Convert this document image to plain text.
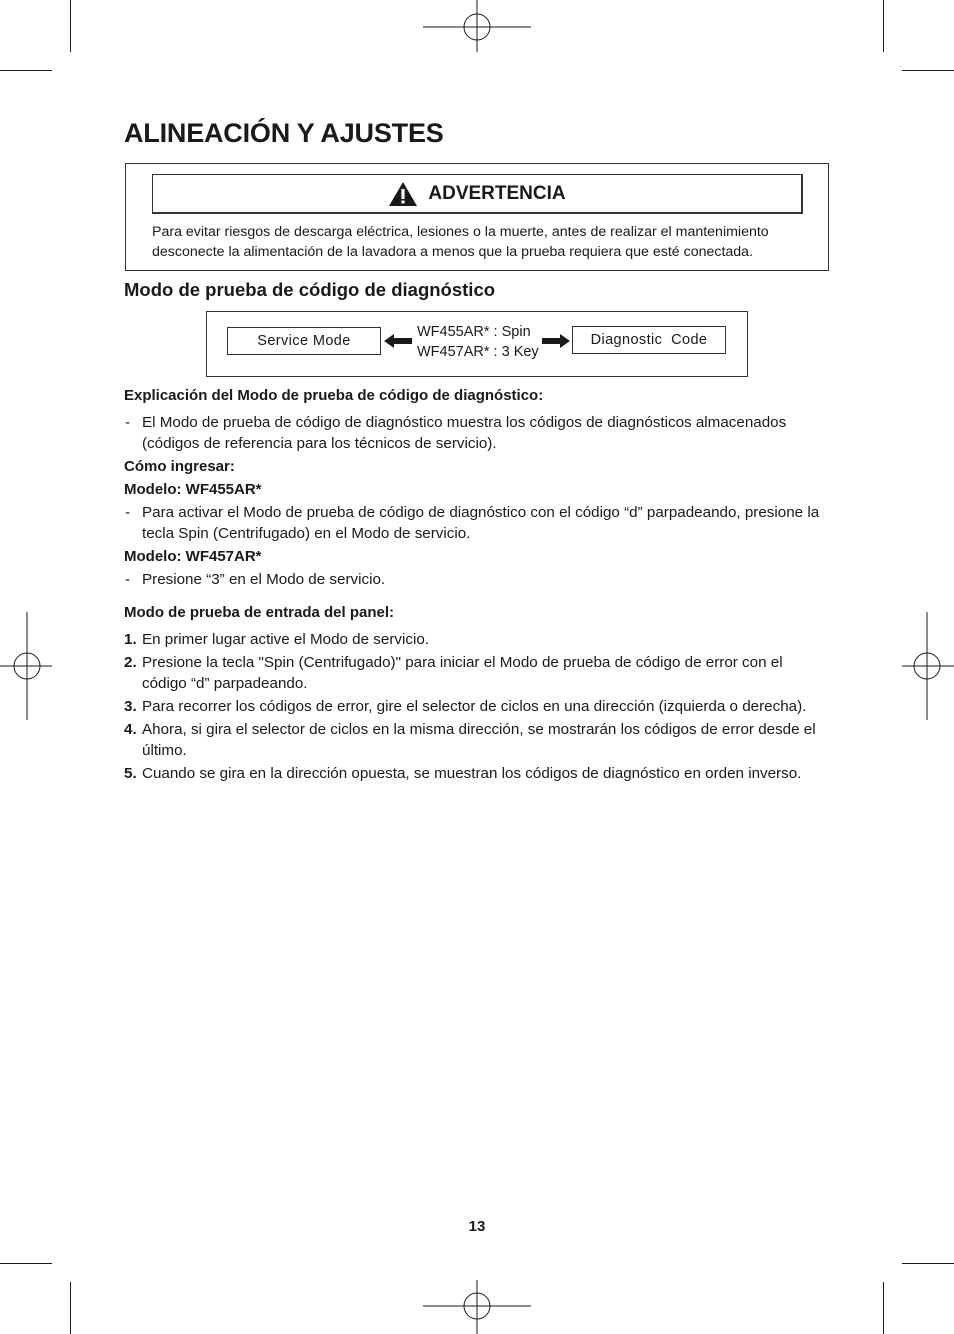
ALINEACIÓN Y AJUSTES
ADVERTENCIA
Para evitar riesgos de descarga eléctrica, lesiones o la muerte, antes de realizar el mantenimiento desconecte la alimentación de la lavadora a menos que la prueba requiera que esté conectada.
Modo de prueba de código de diagnóstico
Service Mode
WF455AR* : Spin
WF457AR* : 3 Key
Diagnostic  Code
Explicación del Modo de prueba de código de diagnóstico:
- El Modo de prueba de código de diagnóstico muestra los códigos de diagnósticos almacenados (códigos de referencia para los técnicos de servicio).
Cómo ingresar:
Modelo: WF455AR*
- Para activar el Modo de prueba de código de diagnóstico con el código “d” parpadeando, presione la tecla Spin (Centrifugado) en el Modo de servicio.
Modelo: WF457AR*
- Presione “3” en el Modo de servicio.
Modo de prueba de entrada del panel:
1. En primer lugar active el Modo de servicio.
2. Presione la tecla "Spin (Centrifugado)" para iniciar el Modo de prueba de código de error con el código “d” parpadeando.
3. Para recorrer los códigos de error, gire el selector de ciclos en una dirección (izquierda o derecha).
4. Ahora, si gira el selector de ciclos en la misma dirección, se mostrarán los códigos de error desde el último.
5. Cuando se gira en la dirección opuesta, se muestran los códigos de diagnóstico en orden inverso.
13
